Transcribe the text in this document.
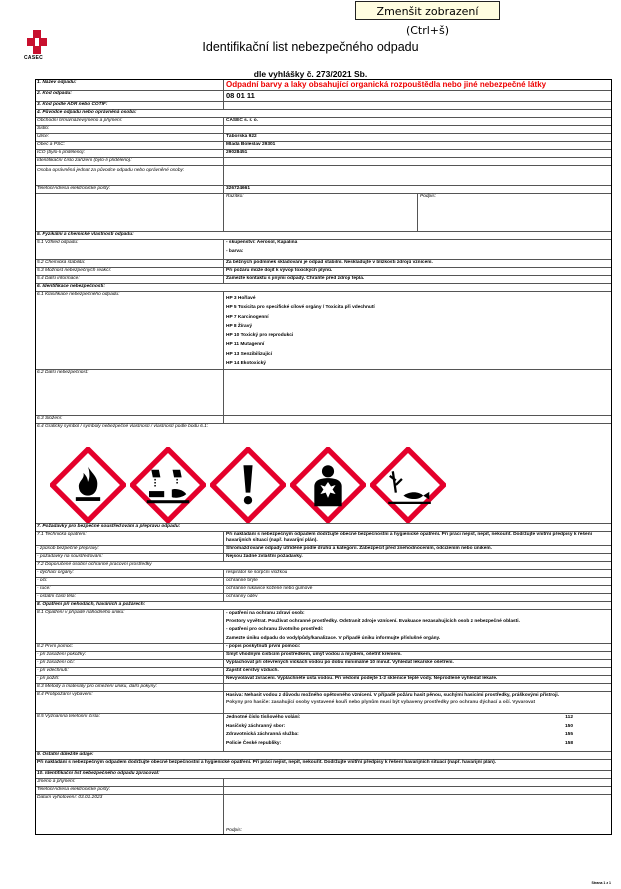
Zmenšit zobrazení (Ctrl+š)
CASEC
Identifikační list nebezpečného odpadu
dle vyhlášky č. 273/2021 Sb.
1. Název odpadu:	Odpadní barvy a laky obsahující organická rozpouštědla nebo jiné nebezpečné látky
2. Kód odpadu:	08 01 11
3. Kód podle ADR nebo COTIF:
4. Původce odpadu nebo oprávněná osoba:
Obchodní firma/název/jméno a příjmení:	CASEC s. r. o.
Sídlo:
Ulice:	Táborská 922
Obec a PSČ:	Mladá Boleslav 29301
IČO (bylo-li přiděleno):	29028451
Identifikační číslo zařízení (bylo-li přiděleno):
Osoba oprávněná jednat za původce odpadu nebo oprávněné osoby:
Telefon/Adresa elektronické pošty:	326724661
Razítko:	Podpis:
5. Fyzikální a chemické vlastnosti odpadu:
5.1 Vzhled odpadu:	- skupenství: Aerosol, Kapalina
- barva:
5.2 Chemická stabilita:	Za běžných podmínek skladování je odpad stabilní. Neskladujte v blízkosti zdrojů vznícení.
5.3 Možnost nebezpečných reakcí:	Při požáru může dojít k vývoji toxických plynů.
5.4 Další informace:	Zamezte kontaktu s jinými odpady. Chraňte před zdroji tepla.
6. Identifikace nebezpečnosti:
6.1 Klasifikace nebezpečného odpadu:
HP 3 Hořlavé
HP 5 Toxicita pro specifické cílové orgány / Toxicita při vdechnutí
HP 7 Karcinogenní
HP 8 Žíravý
HP 10 Toxický pro reprodukci
HP 11 Mutagenní
HP 13 Senzibilizující
HP 14 Ekotoxický
6.2 Další nebezpečnost:
6.3 Složení:
6.4 Grafický symbol / symboly nebezpečné vlastnosti / vlastností podle bodu 6.1:
7. Požadavky pro bezpečné soustřeďování a přepravu odpadu:
7.1 Technická opatření:	Při nakládání s nebezpečným odpadem dodržujte obecné bezpečnostní a hygienické opatření. Při práci nejíst, nepít, nekouřit. Dodržujte vnitřní předpisy k řešení havarijních situací (např. havarijní plán).
- způsob bezpečné přepravy:	Shromažďované odpady utříděné podle druhů a kategorií. Zabezpečit před znehodnocením, odcizením nebo únikem.
- požadavky na soustřeďování:	Nejsou žádné zvláštní požadavky.
7.2 Doporučené osobní ochranné pracovní prostředky
- dýchací orgány:	respirátor se sorpční vložkou
- oči:	ochranné brýle
- ruce:	ochranné rukavice kožené nebo gumové
- ostatní části těla:	ochranný oděv
8. Opatření při nehodách, haváriích a požárech:
8.1 Opatření v případě náhodného úniku:	- opatření na ochranu zdraví osob:
Prostory vyvětrat. Používat ochranné prostředky. Odstranit zdroje vznícení. Evakuace nezasahujících osob z nebezpečné oblasti.
- opatření pro ochranu životního prostředí:
Zamezte úniku odpadu do vody/půdy/kanalizace. V případě úniku informujte příslušné orgány.
8.2 První pomoc:	- popis poskytnutí první pomoci:
- při zasažení pokožky:	Smýt vhodným čisticím prostředkem, umýt vodou a mýdlem, ošetřit krémem.
- při zasažení očí:	Vyplachovat při otevřených víčkách vodou po dobu minimálně 10 minut. Vyhledat lékařské ošetření.
- při vdechnutí:	Zajistit čerstvý vzduch.
- při požití:	Nevyvolávat zvracení. Vypláchněte ústa vodou. Při vědomí podejte 1-2 sklenice teplé vody. Neprodleně vyhledat lékaře.
8.3 Metody a materiály pro omezení úniku, další pokyny:
8.4 Protipožární vybavení:	Hasiva: Nehasit vodou z důvodu možného opětovného vznícení. V případě požáru hasit pěnou, suchými hasicími prostředky, práškovými přístroji.
Pokyny pro hasiče: zasahující osoby vystavené kouři nebo plynům musí být vybaveny prostředky pro ochranu dýchací a očí. Vyvarovat
8.5 Významná telefonní čísla:	Jednotné číslo tísňového volání:	112
Hasičský záchranný sbor:	150
Zdravotnická záchranná služba:	155
Policie České republiky:	158
9. Ostatní důležité údaje:
Při nakládání s nebezpečným odpadem dodržujte obecné bezpečnostní a hygienické opatření. Při práci nejíst, nepít, nekouřit. Dodržujte vnitřní předpisy k řešení havarijních situací (např. havarijní plán).
10. Identifikační list nebezpečného odpadu zpracoval:
Jméno a příjmení:
Telefon/Adresa elektronické pošty:
Datum vyhotovení: 03.01.2023
Podpis:
Strana 1 z 1
